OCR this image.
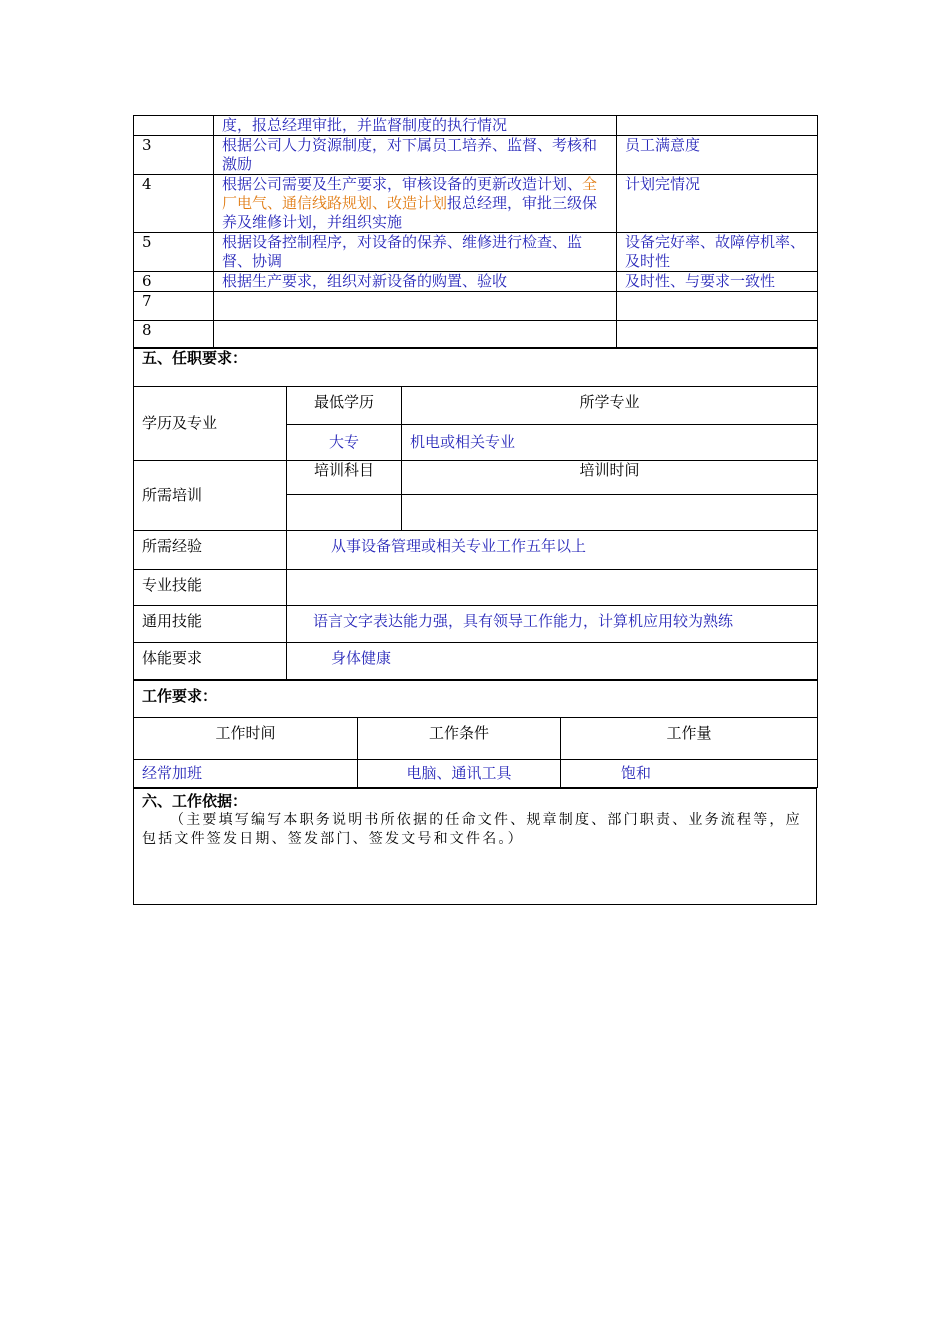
	度，报总经理审批，并监督制度的执行情况	
3	根据公司人力资源制度，对下属员工培养、监督、考核和激励	员工满意度
4	根据公司需要及生产要求，审核设备的更新改造计划、全厂电气、通信线路规划、改造计划报总经理，审批三级保养及维修计划，并组织实施	计划完情况
5	根据设备控制程序，对设备的保养、维修进行检查、监督、协调	设备完好率、故障停机率、及时性
6	根据生产要求，组织对新设备的购置、验收	及时性、与要求一致性
7		
8		
五、任职要求：		
学历及专业	最低学历	所学专业
	大专	机电或相关专业
所需培训	培训科目	培训时间

所需经验	从事设备管理或相关专业工作五年以上	
专业技能		
通用技能	语言文字表达能力强，具有领导工作能力，计算机应用较为熟练	
体能要求	身体健康	
工作要求：		
工作时间	工作条件	工作量
经常加班	电脑、通讯工具	饱和
六、工作依据：
（主要填写编写本职务说明书所依据的任命文件、规章制度、部门职责、业务流程等，应包括文件签发日期、签发部门、签发文号和文件名。）
